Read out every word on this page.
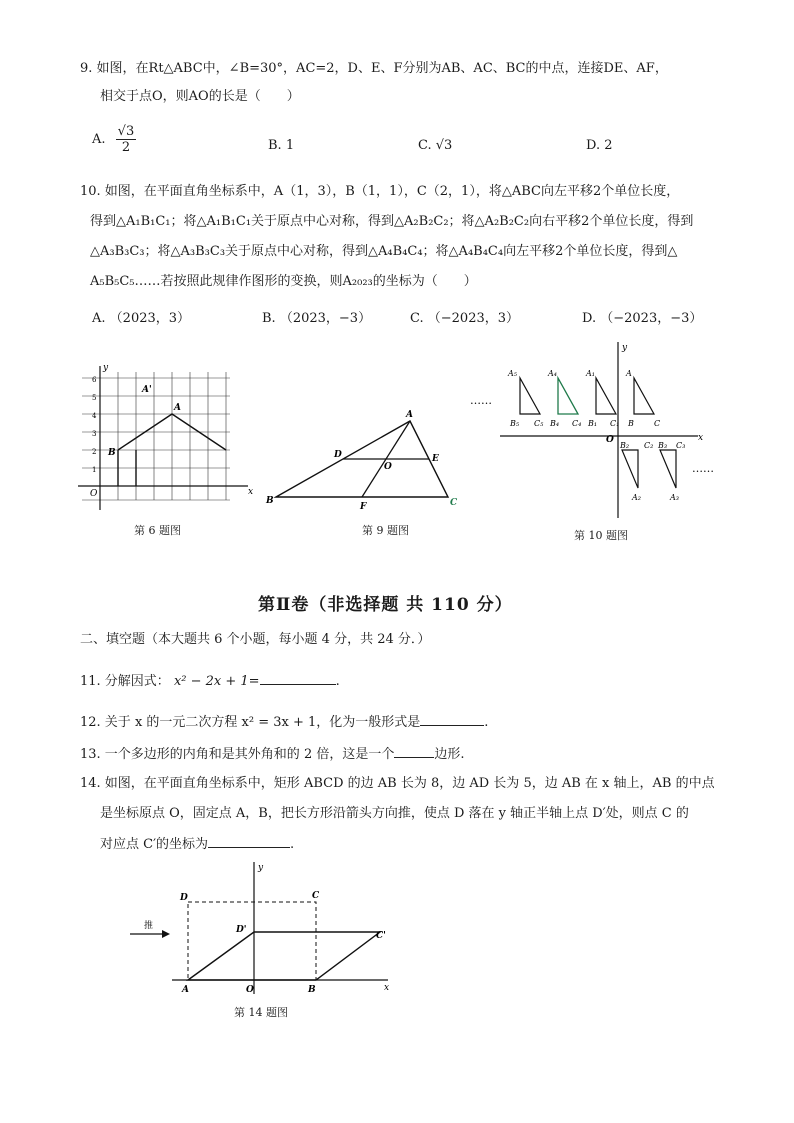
9. 如图，在Rt△ABC中，∠B=30°，AC=2，D、E、F分别为AB、AC、BC的中点，连接DE、AF，
相交于点O，则AO的长是（　　）
A. $\frac{√3}{2}$	B. 1	C. √3	D. 2
10. 如图，在平面直角坐标系中，A（1，3），B（1，1），C（2，1），将△ABC向左平移2个单位长度，
得到△A₁B₁C₁；将△A₁B₁C₁关于原点中心对称，得到△A₂B₂C₂；将△A₂B₂C₂向右平移2个单位长度，得到
△A₃B₃C₃；将△A₃B₃C₃关于原点中心对称，得到△A₄B₄C₄；将△A₄B₄C₄向左平移2个单位长度，得到△
A₅B₅C₅……若按照此规律作图形的变换，则A₂₀₂₃的坐标为（　　）
A. （2023，3）	B. （2023，−3）	C. （−2023，3）	D. （−2023，−3）
y
x
O
6
5
4
3
2
1
A
A'
B
第 6 题图
A
B	C
D	E
F
O
第 9 题图
y
x
O
……
……
A₅	A₄	A₁	A
B₅ C₅ B₄ C₄ B₁ C₁ B	C
B₂ C₂ B₃ C₃
A₂	A₃
第 10 题图
第Ⅱ卷（非选择题 共 110 分）
二、填空题（本大题共 6 个小题，每小题 4 分，共 24 分．）
11. 分解因式： x² − 2x + 1=	.
12. 关于 x 的一元二次方程 x² = 3x + 1，化为一般形式是	.
13. 一个多边形的内角和是其外角和的 2 倍，这是一个	边形.
14. 如图，在平面直角坐标系中，矩形 ABCD 的边 AB 长为 8，边 AD 长为 5，边 AB 在 x 轴上，AB 的中点
是坐标原点 O，固定点 A，B，把长方形沿箭头方向推，使点 D 落在 y 轴正半轴上点 D′处，则点 C 的
对应点 C′的坐标为	.
y
x
O
推
D	C
D'
C'
A	B
第 14 题图
